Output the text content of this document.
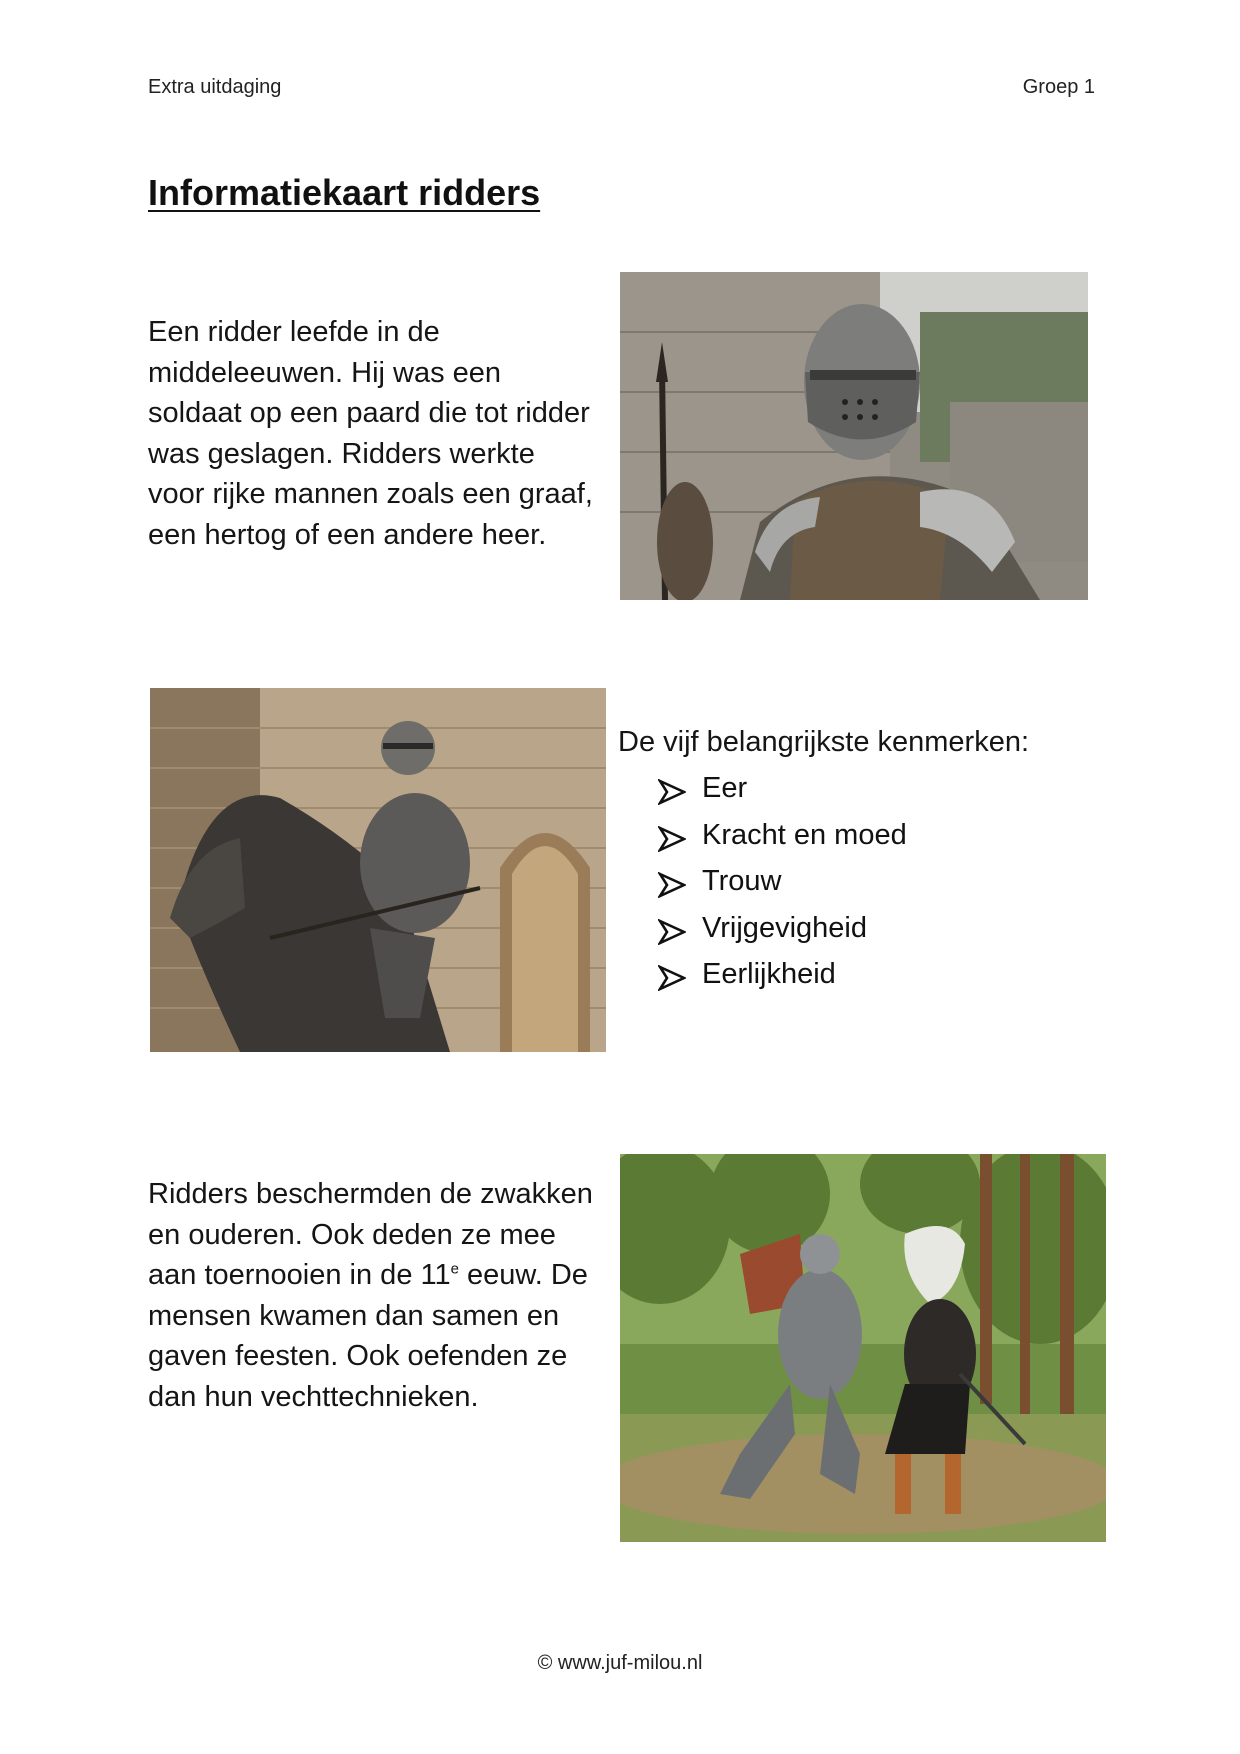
Extra uitdaging	Groep 1
Informatiekaart ridders

Een ridder leefde in de middeleeuwen. Hij was een soldaat op een paard die tot ridder was geslagen. Ridders werkte voor rijke mannen zoals een graaf, een hertog of een andere heer.

De vijf belangrijkste kenmerken:

Eer
Kracht en moed
Trouw
Vrijgevigheid
Eerlijkheid

Ridders beschermden de zwakken en ouderen. Ook deden ze mee aan toernooien in de 11e eeuw. De mensen kwamen dan samen en gaven feesten. Ook oefenden ze dan hun vechttechnieken.

© www.juf-milou.nl
